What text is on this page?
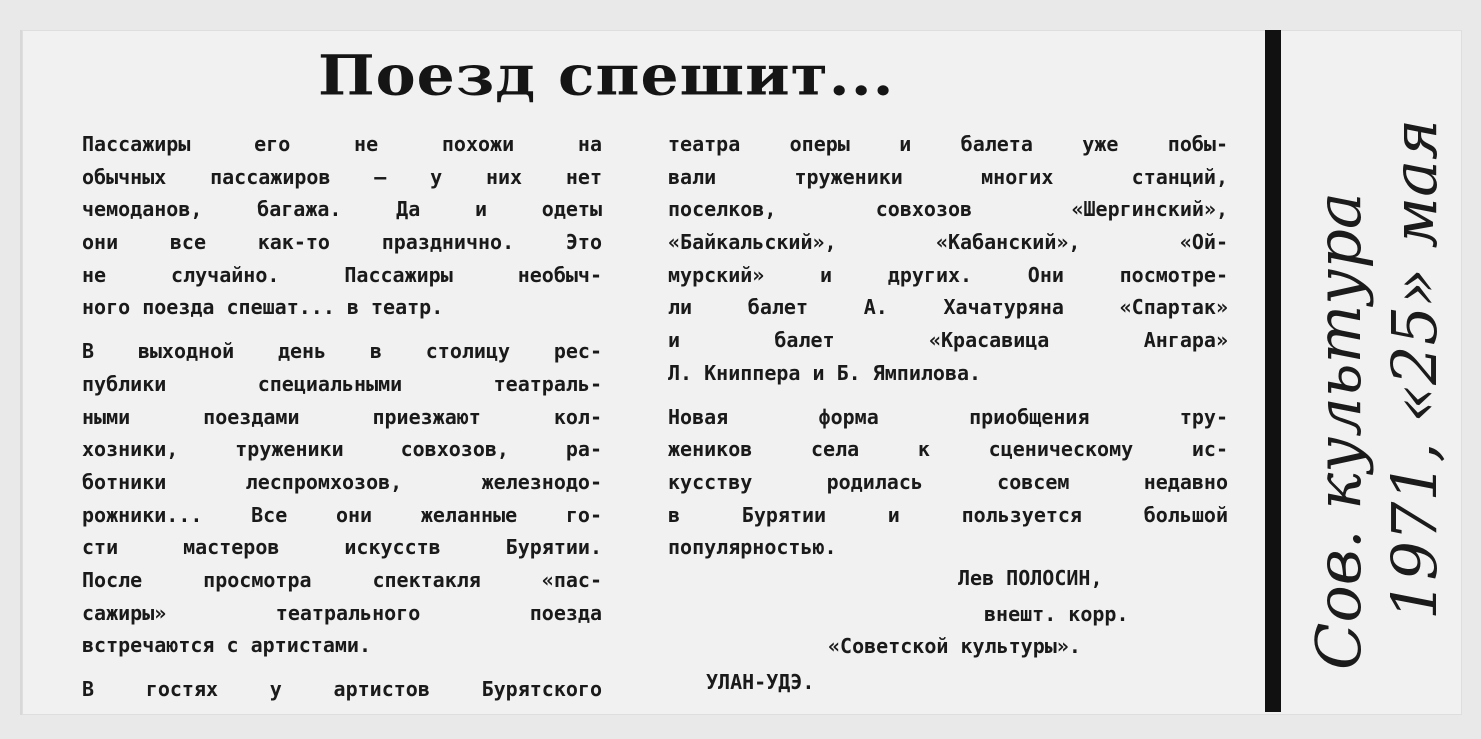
Поезд спешит...
Пассажиры его не похожи на
обычных пассажиров — у них нет
чемоданов, багажа. Да и одеты
они все как-то празднично. Это
не случайно. Пассажиры необыч-
ного поезда спешат... в театр.
В выходной день в столицу рес-
публики специальными театраль-
ными поездами приезжают кол-
хозники, труженики совхозов, ра-
ботники леспромхозов, железнодо-
рожники... Все они желанные го-
сти мастеров искусств Бурятии.
После просмотра спектакля «пас-
сажиры» театрального поезда
встречаются с артистами.
В гостях у артистов Бурятского
театра оперы и балета уже побы-
вали труженики многих станций,
поселков, совхозов «Шергинский»,
«Байкальский», «Кабанский», «Ой-
мурский» и других. Они посмотре-
ли балет А. Хачатуряна «Спартак»
и балет «Красавица Ангара»
Л. Книппера и Б. Ямпилова.
Новая форма приобщения тру-
жеников села к сценическому ис-
кусству родилась совсем недавно
в Бурятии и пользуется большой
популярностью.
Лев ПОЛОСИН,
внешт. корр.
«Советской культуры».
УЛАН-УДЭ.
Сов. культура 1971, «25» мая
